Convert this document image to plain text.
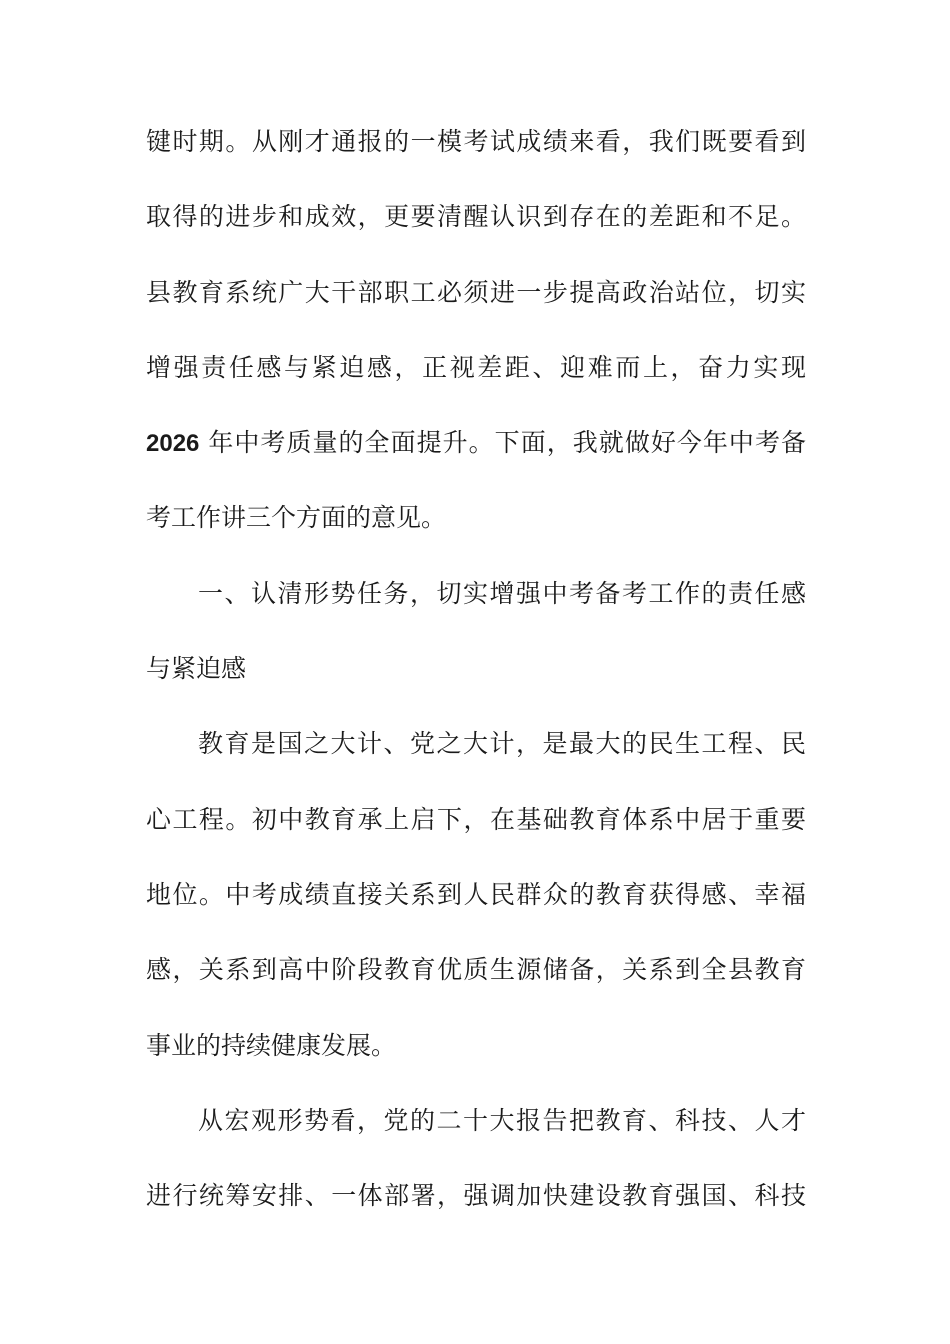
键时期。从刚才通报的一模考试成绩来看，我们既要看到
取得的进步和成效，更要清醒认识到存在的差距和不足。
县教育系统广大干部职工必须进一步提高政治站位，切实
增强责任感与紧迫感，正视差距、迎难而上，奋力实现
2026 年中考质量的全面提升。下面，我就做好今年中考备
考工作讲三个方面的意见。
一、认清形势任务，切实增强中考备考工作的责任感
与紧迫感
教育是国之大计、党之大计，是最大的民生工程、民
心工程。初中教育承上启下，在基础教育体系中居于重要
地位。中考成绩直接关系到人民群众的教育获得感、幸福
感，关系到高中阶段教育优质生源储备，关系到全县教育
事业的持续健康发展。
从宏观形势看，党的二十大报告把教育、科技、人才
进行统筹安排、一体部署，强调加快建设教育强国、科技
